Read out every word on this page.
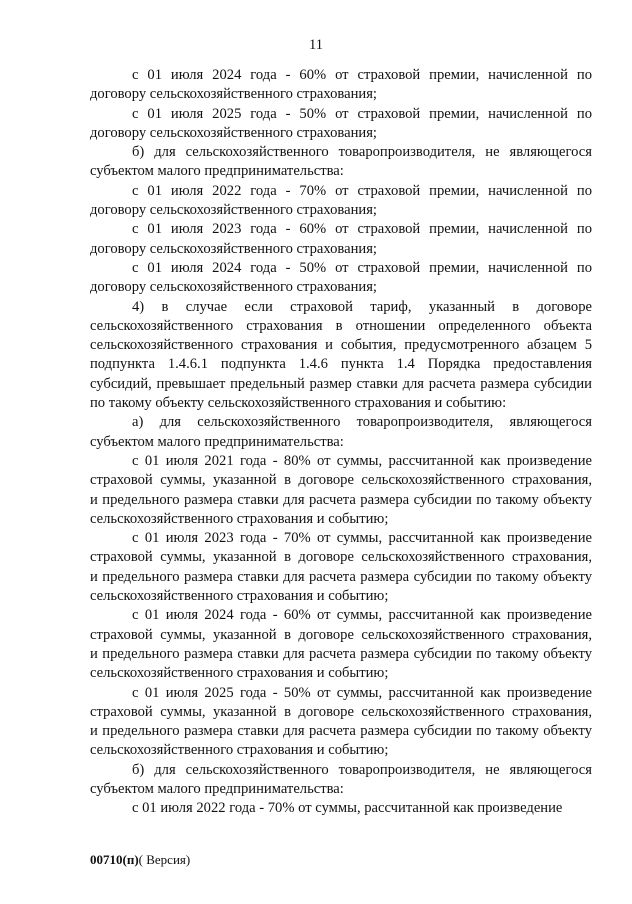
11
с 01 июля 2024 года - 60% от страховой премии, начисленной по
договору сельскохозяйственного страхования;
с 01 июля 2025 года - 50% от страховой премии, начисленной по
договору сельскохозяйственного страхования;
б) для сельскохозяйственного товаропроизводителя, не являющегося
субъектом малого предпринимательства:
с 01 июля 2022 года - 70% от страховой премии, начисленной по
договору сельскохозяйственного страхования;
с 01 июля 2023 года - 60% от страховой премии, начисленной по
договору сельскохозяйственного страхования;
с 01 июля 2024 года - 50% от страховой премии, начисленной по
договору сельскохозяйственного страхования;
4) в случае если страховой тариф, указанный в договоре
сельскохозяйственного страхования в отношении определенного объекта
сельскохозяйственного страхования и события, предусмотренного абзацем 5
подпункта 1.4.6.1 подпункта 1.4.6 пункта 1.4 Порядка предоставления
субсидий, превышает предельный размер ставки для расчета размера субсидии
по такому объекту сельскохозяйственного страхования и событию:
а) для сельскохозяйственного товаропроизводителя, являющегося
субъектом малого предпринимательства:
с 01 июля 2021 года - 80% от суммы, рассчитанной как произведение
страховой суммы, указанной в договоре сельскохозяйственного страхования,
и предельного размера ставки для расчета размера субсидии по такому объекту
сельскохозяйственного страхования и событию;
с 01 июля 2023 года - 70% от суммы, рассчитанной как произведение
страховой суммы, указанной в договоре сельскохозяйственного страхования,
и предельного размера ставки для расчета размера субсидии по такому объекту
сельскохозяйственного страхования и событию;
с 01 июля 2024 года - 60% от суммы, рассчитанной как произведение
страховой суммы, указанной в договоре сельскохозяйственного страхования,
и предельного размера ставки для расчета размера субсидии по такому объекту
сельскохозяйственного страхования и событию;
с 01 июля 2025 года - 50% от суммы, рассчитанной как произведение
страховой суммы, указанной в договоре сельскохозяйственного страхования,
и предельного размера ставки для расчета размера субсидии по такому объекту
сельскохозяйственного страхования и событию;
б) для сельскохозяйственного товаропроизводителя, не являющегося
субъектом малого предпринимательства:
с 01 июля 2022 года - 70% от суммы, рассчитанной как произведение
00710(п)( Версия)
